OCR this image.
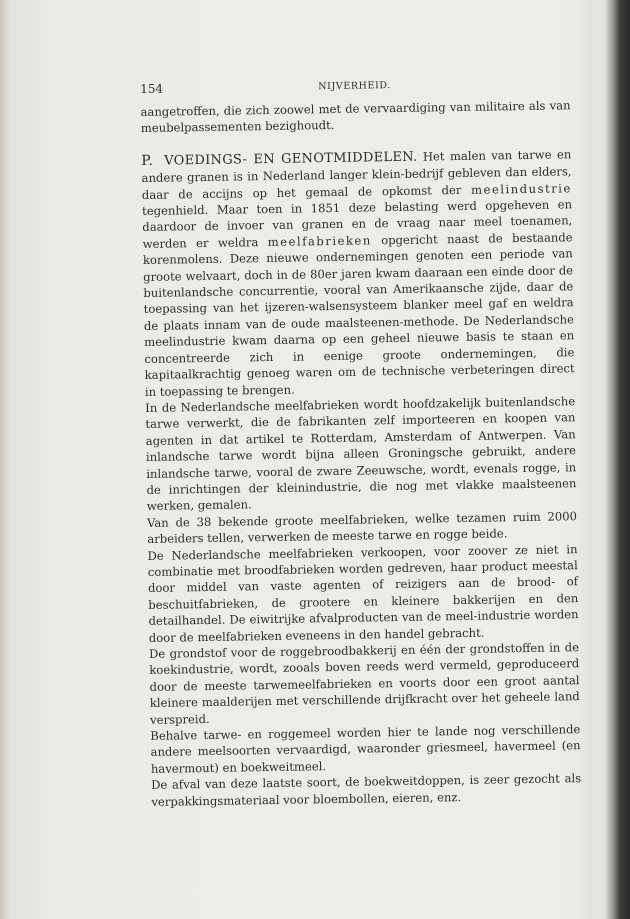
154	NIJVERHEID.

aangetroffen, die zich zoowel met de vervaardiging van militaire als van meubelpassementen bezighoudt.

P. VOEDINGS- EN GENOTMIDDELEN. Het malen van tarwe en andere granen is in Nederland langer klein-bedrijf gebleven dan elders, daar de accijns op het gemaal de opkomst der meelindustrie tegenhield. Maar toen in 1851 deze belasting werd opgeheven en daardoor de invoer van granen en de vraag naar meel toenamen, werden er weldra meelfabrieken opgericht naast de bestaande korenmolens. Deze nieuwe ondernemingen genoten een periode van groote welvaart, doch in de 80er jaren kwam daaraan een einde door de buitenlandsche concurrentie, vooral van Amerikaansche zijde, daar de toepassing van het ijzeren-walsensysteem blanker meel gaf en weldra de plaats innam van de oude maalsteenen-methode. De Nederlandsche meelindustrie kwam daarna op een geheel nieuwe basis te staan en concentreerde zich in eenige groote ondernemingen, die kapitaalkrachtig genoeg waren om de technische verbeteringen direct in toepassing te brengen.

In de Nederlandsche meelfabrieken wordt hoofdzakelijk buitenlandsche tarwe verwerkt, die de fabrikanten zelf importeeren en koopen van agenten in dat artikel te Rotterdam, Amsterdam of Antwerpen. Van inlandsche tarwe wordt bijna alleen Groningsche gebruikt, andere inlandsche tarwe, vooral de zware Zeeuwsche, wordt, evenals rogge, in de inrichtingen der kleinindustrie, die nog met vlakke maalsteenen werken, gemalen.

Van de 38 bekende groote meelfabrieken, welke tezamen ruim 2000 arbeiders tellen, verwerken de meeste tarwe en rogge beide.

De Nederlandsche meelfabrieken verkoopen, voor zoover ze niet in combinatie met broodfabrieken worden gedreven, haar product meestal door middel van vaste agenten of reizigers aan de brood- of beschuitfabrieken, de grootere en kleinere bakkerijen en den detailhandel. De eiwitrijke afvalproducten van de meel-industrie worden door de meelfabrieken eveneens in den handel gebracht.

De grondstof voor de roggebroodbakkerij en één der grondstoffen in de koekindustrie, wordt, zooals boven reeds werd vermeld, geproduceerd door de meeste tarwemeelfabrieken en voorts door een groot aantal kleinere maalderijen met verschillende drijfkracht over het geheele land verspreid.

Behalve tarwe- en roggemeel worden hier te lande nog verschillende andere meelsoorten vervaardigd, waaronder griesmeel, havermeel (en havermout) en boekweitmeel.

De afval van deze laatste soort, de boekweitdoppen, is zeer gezocht als verpakkingsmateriaal voor bloembollen, eieren, enz.
